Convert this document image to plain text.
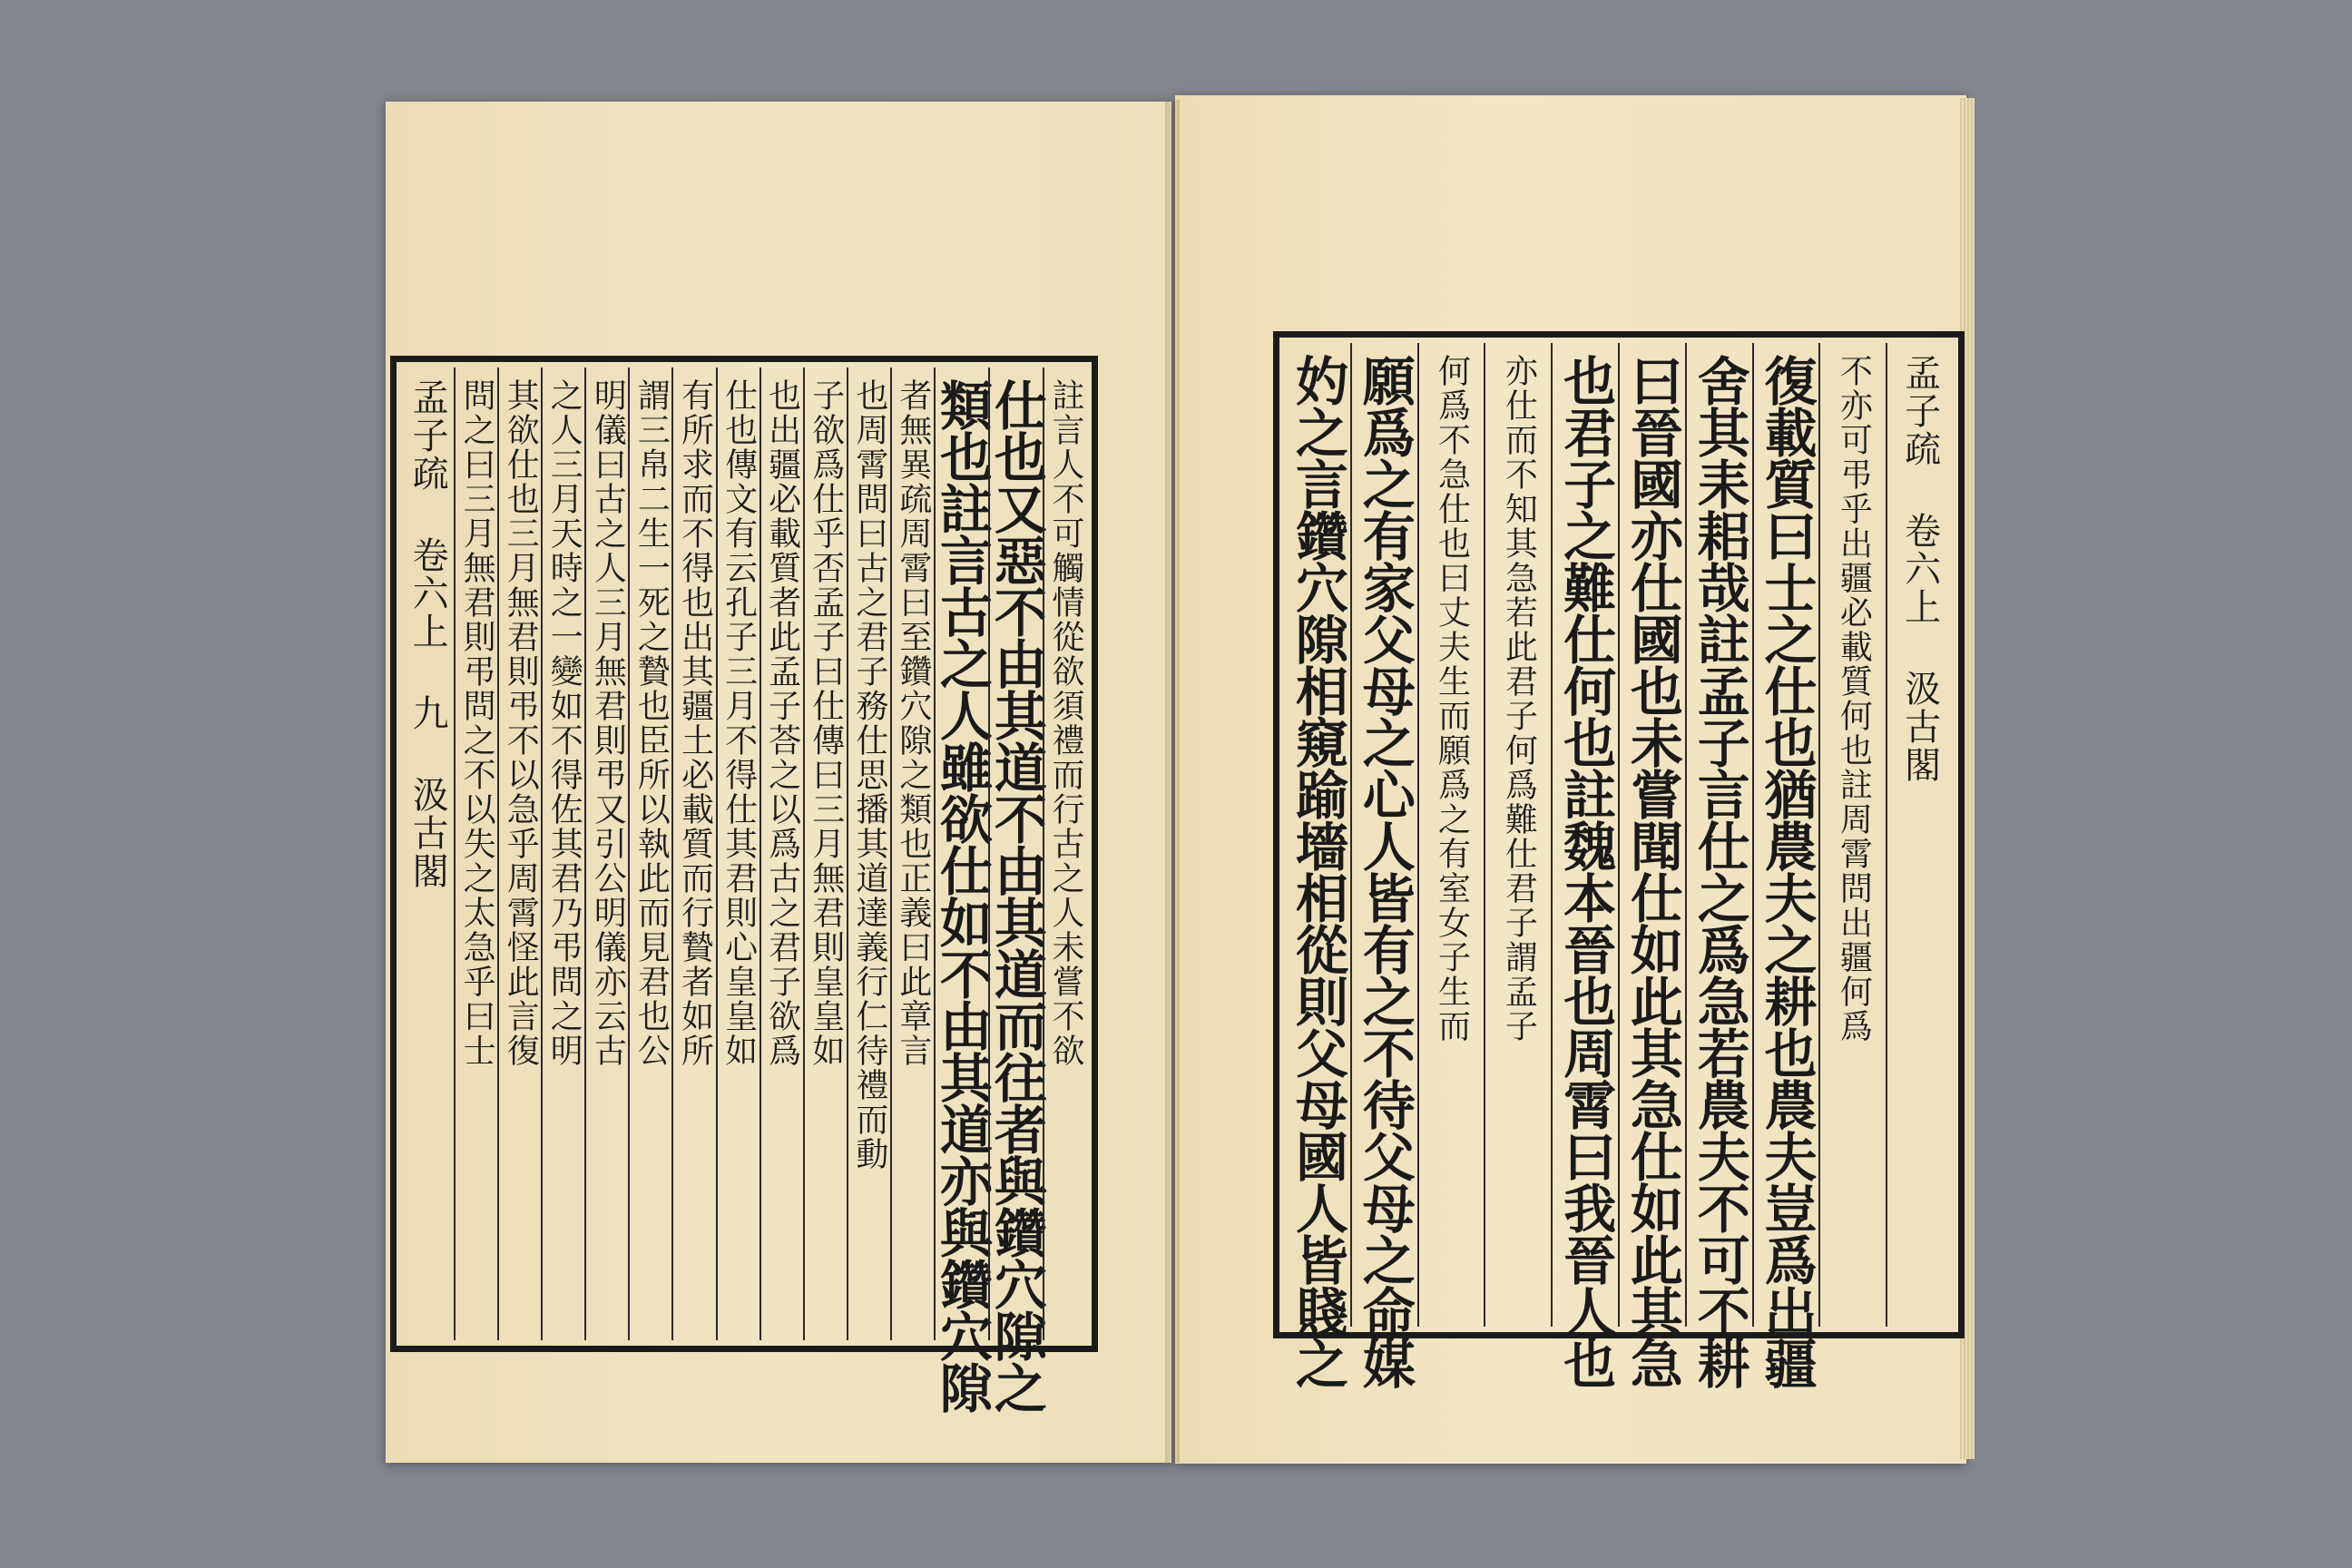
註言人不可觸情從欲須禮而行古之人未嘗不欲
仕也又惡不由其道不由其道而往者與鑽穴隙之
類也註言古之人雖欲仕如不由其道亦與鑽穴隙
者無異疏周霄曰至鑽穴隙之類也正義曰此章言
也周霄問曰古之君子務仕思播其道達義行仁待禮而動
子欲爲仕乎否孟子曰仕傳曰三月無君則皇皇如
也出疆必載質者此孟子荅之以爲古之君子欲爲
仕也傳文有云孔子三月不得仕其君則心皇皇如
有所求而不得也出其疆土必載質而行贄者如所
謂三帛二生一死之贄也臣所以執此而見君也公
明儀曰古之人三月無君則弔又引公明儀亦云古
之人三月天時之一變如不得佐其君乃弔問之明
其欲仕也三月無君則弔不以急乎周霄怪此言復
問之曰三月無君則弔問之不以失之太急乎曰士
孟子疏 卷六上 九 汲古閣	孟子疏 卷六上 汲古閣
不亦可弔乎出疆必載質何也註周霄問出疆何爲
復載質曰士之仕也猶農夫之耕也農夫豈爲出疆
舍其耒耜哉註孟子言仕之爲急若農夫不可不耕
曰晉國亦仕國也未嘗聞仕如此其急仕如此其急
也君子之難仕何也註魏本晉也周霄曰我晉人也
亦仕而不知其急若此君子何爲難仕君子謂孟子
何爲不急仕也曰丈夫生而願爲之有室女子生而
願爲之有家父母之心人皆有之不待父母之命媒
妁之言鑽穴隙相窺踰墻相從則父母國人皆賤之
